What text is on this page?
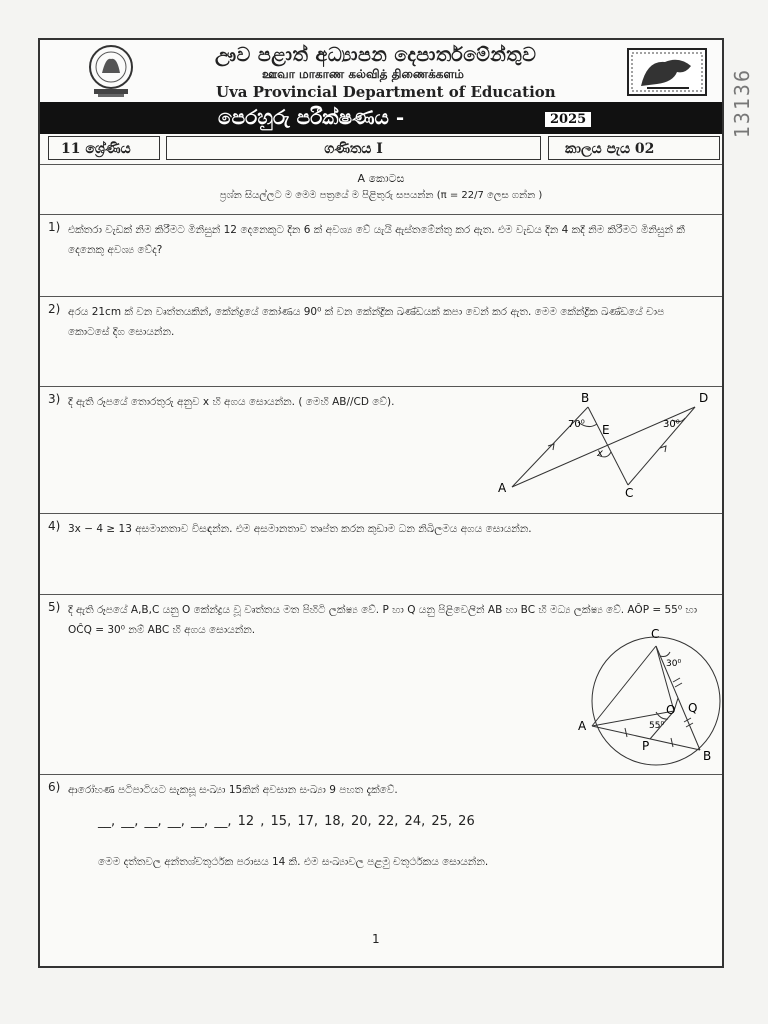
13136
ඌව පළාත් අධ්‍යාපන දෙපාර්තමේන්තුව
ஊவா மாகாண கல்வித் திணைக்களம்
Uva Provincial Department of Education
පෙරහුරු පරීක්ෂණය -	2025
11 ශ්‍රේණිය	ගණිතය I	කාලය පැය 02
A කොටස
ප්‍රශ්න සියල්ලට ම මෙම පත්‍රයේ ම පිළිතුරු සපයන්න (π = 22/7 ලෙස ගන්න )
1) එක්තරා වැඩක් නිම කිරීමට මිනිසුන් 12 දෙනෙකුට දින 6 ක් අවශ්‍ය වේ යැයි ඇස්තමේන්තු කර ඇත. එම වැඩය දින 4 කදී නිම කිරීමට මිනිසුන් කී දෙනෙකු අවශ්‍ය වේද?
2) අරය 21cm ක් වන වෘත්තයකින්, කේන්ද්‍රයේ කෝණය 90⁰ ක් වන කේන්ද්‍රික ඛණ්ඩයක් කපා වෙන් කර ඇත. මෙම කේන්ද්‍රික ඛණ්ඩයේ චාප කොටසේ දිග සොයන්න.
3) දී ඇති රූපයේ තොරතුරු අනුව x හි අගය සොයන්න. ( මෙහි AB//CD වේ).
A
B
C
D
E
70⁰	30⁰
x
4) 3x − 4 ≥ 13 අසමානතාව විසඳන්න. එම අසමානතාව තෘප්ත කරන කුඩාම ධන නිඛිලමය අගය සොයන්න.
5) දී ඇති රූපයේ A,B,C යනු O කේන්ද්‍රය වූ වෘත්තය මත පිහිටි ලක්ෂ්‍ය වේ. P හා Q යනු පිළිවෙලින් AB හා BC හි මධ්‍ය ලක්ෂ්‍ය වේ. AÔP = 55⁰ හා OĈQ = 30⁰ නම් ABC හි අගය සොයන්න.
A
B
C
O
P
Q
55⁰
30⁰
6) ආරෝහණ පටිපාටියට සැකසූ සංඛ්‍යා 15කින් අවසාන සංඛ්‍යා 9 පහත දැක්වේ.
__, __, __, __, __, __, 12 , 15, 17, 18, 20, 22, 24, 25, 26
මෙම දත්තවල අන්තශ්චතුර්ථක පරාසය 14 කි. එම සංඛ්‍යාවල පළමු චතුර්ථකය සොයන්න.
1
